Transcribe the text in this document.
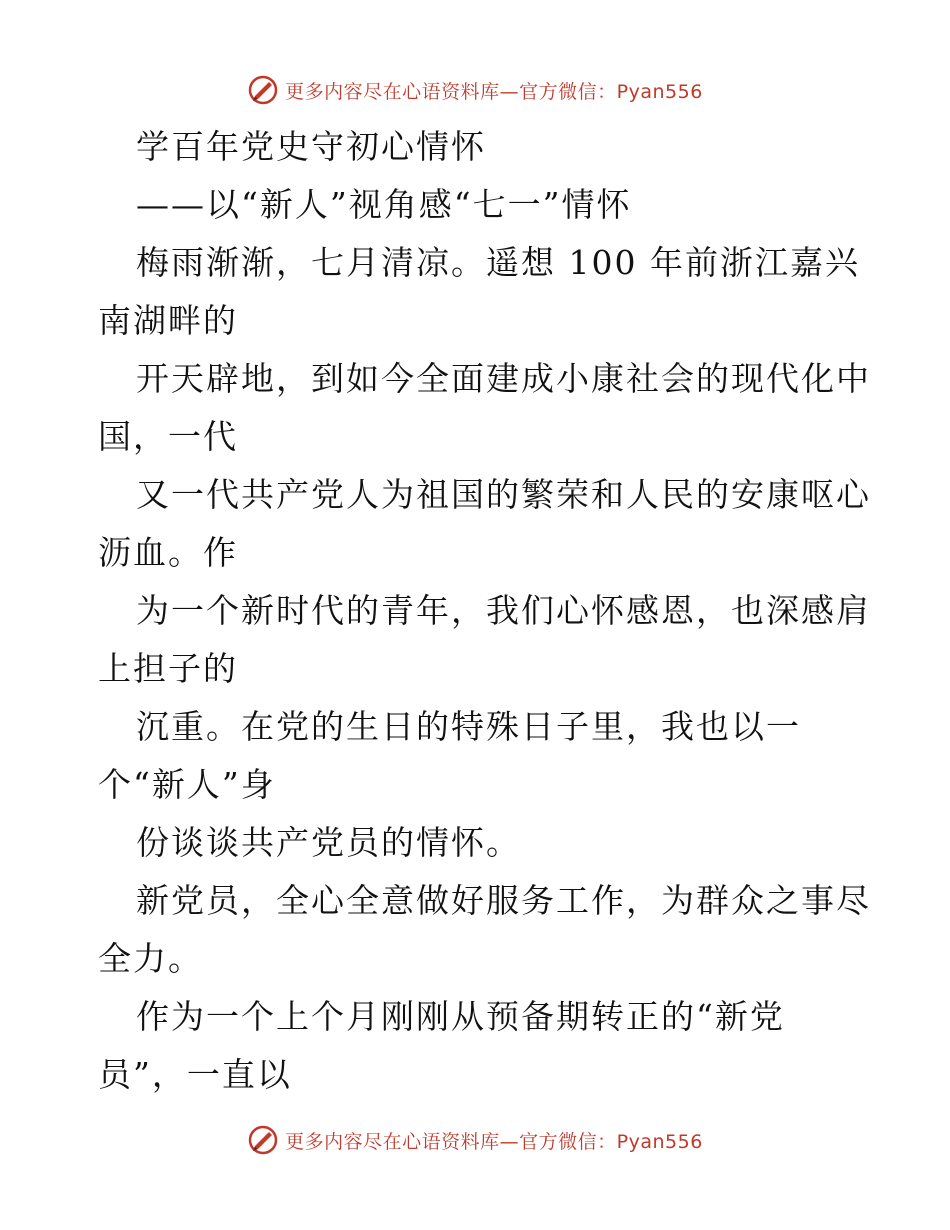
更多内容尽在心语资料库—官方微信：Pyan556
学百年党史守初心情怀
——以“新人”视角感“七一”情怀
梅雨渐渐，七月清凉。遥想 100 年前浙江嘉兴
南湖畔的
开天辟地，到如今全面建成小康社会的现代化中
国，一代
又一代共产党人为祖国的繁荣和人民的安康呕心
沥血。作
为一个新时代的青年，我们心怀感恩，也深感肩
上担子的
沉重。在党的生日的特殊日子里，我也以一
个“新人”身
份谈谈共产党员的情怀。
新党员，全心全意做好服务工作，为群众之事尽
全力。
作为一个上个月刚刚从预备期转正的“新党
员”，一直以
更多内容尽在心语资料库—官方微信：Pyan556
